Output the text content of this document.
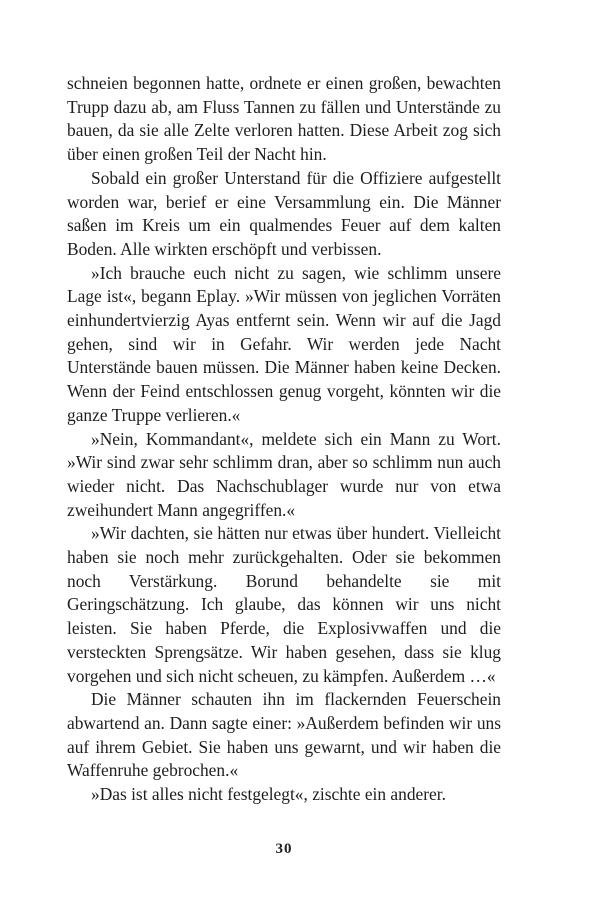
schneien begonnen hatte, ordnete er einen großen, bewachten Trupp dazu ab, am Fluss Tannen zu fällen und Unterstände zu bauen, da sie alle Zelte verloren hatten. Diese Arbeit zog sich über einen großen Teil der Nacht hin.

Sobald ein großer Unterstand für die Offiziere aufgestellt worden war, berief er eine Versammlung ein. Die Männer saßen im Kreis um ein qualmendes Feuer auf dem kalten Boden. Alle wirkten erschöpft und verbissen.

»Ich brauche euch nicht zu sagen, wie schlimm unsere Lage ist«, begann Eplay. »Wir müssen von jeglichen Vorräten einhundertvierzig Ayas entfernt sein. Wenn wir auf die Jagd gehen, sind wir in Gefahr. Wir werden jede Nacht Unterstände bauen müssen. Die Männer haben keine Decken. Wenn der Feind entschlossen genug vorgeht, könnten wir die ganze Truppe verlieren.«

»Nein, Kommandant«, meldete sich ein Mann zu Wort. »Wir sind zwar sehr schlimm dran, aber so schlimm nun auch wieder nicht. Das Nachschublager wurde nur von etwa zweihundert Mann angegriffen.«

»Wir dachten, sie hätten nur etwas über hundert. Vielleicht haben sie noch mehr zurückgehalten. Oder sie bekommen noch Verstärkung. Borund behandelte sie mit Geringschätzung. Ich glaube, das können wir uns nicht leisten. Sie haben Pferde, die Explosivwaffen und die versteckten Sprengsätze. Wir haben gesehen, dass sie klug vorgehen und sich nicht scheuen, zu kämpfen. Außerdem …«

Die Männer schauten ihn im flackernden Feuerschein abwartend an. Dann sagte einer: »Außerdem befinden wir uns auf ihrem Gebiet. Sie haben uns gewarnt, und wir haben die Waffenruhe gebrochen.«

»Das ist alles nicht festgelegt«, zischte ein anderer.

30
